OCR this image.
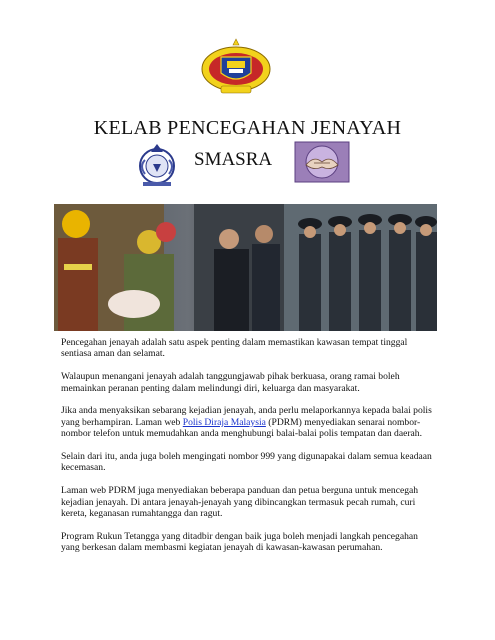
KELAB PENCEGAHAN JENAYAH
SMASRA

Pencegahan jenayah adalah satu aspek penting dalam memastikan kawasan tempat tinggal sentiasa aman dan selamat.

Walaupun menangani jenayah adalah tanggungjawab pihak berkuasa, orang ramai boleh memainkan peranan penting dalam melindungi diri, keluarga dan masyarakat.

Jika anda menyaksikan sebarang kejadian jenayah, anda perlu melaporkannya kepada balai polis yang berhampiran. Laman web Polis Diraja Malaysia (PDRM) menyediakan senarai nombor-nombor telefon untuk memudahkan anda menghubungi balai-balai polis tempatan dan daerah.

Selain dari itu, anda juga boleh mengingati nombor 999 yang digunapakai dalam semua keadaan kecemasan.

Laman web PDRM juga menyediakan beberapa panduan dan petua berguna untuk mencegah kejadian jenayah. Di antara jenayah-jenayah yang dibincangkan termasuk pecah rumah, curi kereta, keganasan rumahtangga dan ragut.

Program Rukun Tetangga yang ditadbir dengan baik juga boleh menjadi langkah pencegahan yang berkesan dalam membasmi kegiatan jenayah di kawasan-kawasan perumahan.
